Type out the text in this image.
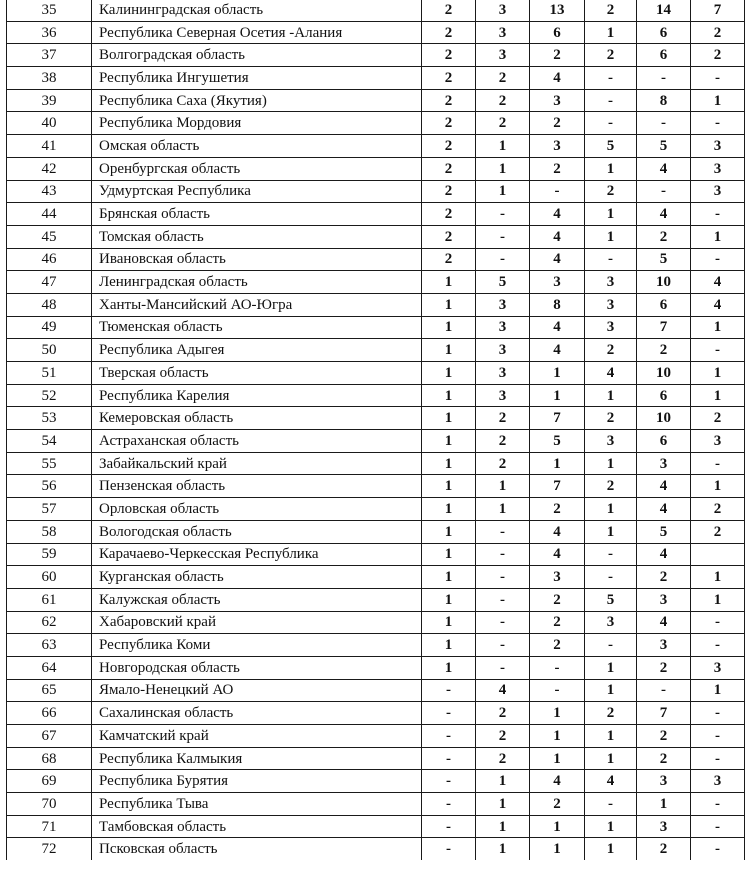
35	Калининградская область	2	3	13	2	14	7
36	Республика Северная Осетия -Алания	2	3	6	1	6	2
37	Волгоградская область	2	3	2	2	6	2
38	Республика Ингушетия	2	2	4	-	-	-
39	Республика Саха (Якутия)	2	2	3	-	8	1
40	Республика Мордовия	2	2	2	-	-	-
41	Омская область	2	1	3	5	5	3
42	Оренбургская область	2	1	2	1	4	3
43	Удмуртская Республика	2	1	-	2	-	3
44	Брянская область	2	-	4	1	4	-
45	Томская область	2	-	4	1	2	1
46	Ивановская область	2	-	4	-	5	-
47	Ленинградская область	1	5	3	3	10	4
48	Ханты-Мансийский АО-Югра	1	3	8	3	6	4
49	Тюменская область	1	3	4	3	7	1
50	Республика Адыгея	1	3	4	2	2	-
51	Тверская область	1	3	1	4	10	1
52	Республика Карелия	1	3	1	1	6	1
53	Кемеровская область	1	2	7	2	10	2
54	Астраханская область	1	2	5	3	6	3
55	Забайкальский край	1	2	1	1	3	-
56	Пензенская область	1	1	7	2	4	1
57	Орловская область	1	1	2	1	4	2
58	Вологодская область	1	-	4	1	5	2
59	Карачаево-Черкесская Республика	1	-	4	-	4	
60	Курганская область	1	-	3	-	2	1
61	Калужская область	1	-	2	5	3	1
62	Хабаровский край	1	-	2	3	4	-
63	Республика Коми	1	-	2	-	3	-
64	Новгородская область	1	-	-	1	2	3
65	Ямало-Ненецкий АО	-	4	-	1	-	1
66	Сахалинская область	-	2	1	2	7	-
67	Камчатский край	-	2	1	1	2	-
68	Республика Калмыкия	-	2	1	1	2	-
69	Республика Бурятия	-	1	4	4	3	3
70	Республика Тыва	-	1	2	-	1	-
71	Тамбовская область	-	1	1	1	3	-
72	Псковская область	-	1	1	1	2	-
